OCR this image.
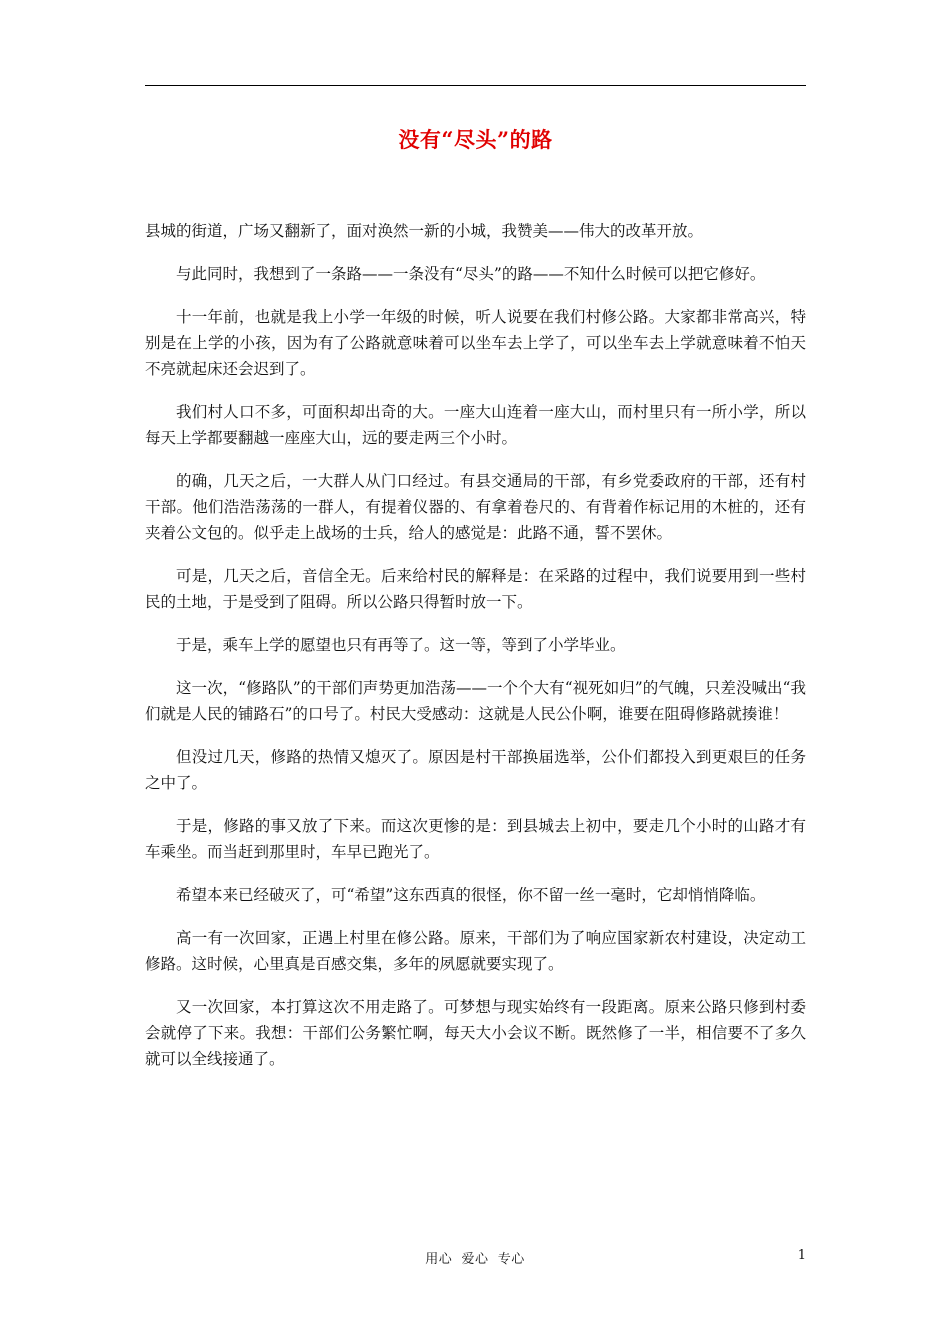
没有“尽头”的路

县城的街道，广场又翻新了，面对涣然一新的小城，我赞美——伟大的改革开放。

与此同时，我想到了一条路——一条没有“尽头”的路——不知什么时候可以把它修好。

十一年前，也就是我上小学一年级的时候，听人说要在我们村修公路。大家都非常高兴，特别是在上学的小孩，因为有了公路就意味着可以坐车去上学了，可以坐车去上学就意味着不怕天不亮就起床还会迟到了。

我们村人口不多，可面积却出奇的大。一座大山连着一座大山，而村里只有一所小学，所以每天上学都要翻越一座座大山，远的要走两三个小时。

的确，几天之后，一大群人从门口经过。有县交通局的干部，有乡党委政府的干部，还有村干部。他们浩浩荡荡的一群人，有提着仪器的、有拿着卷尺的、有背着作标记用的木桩的，还有夹着公文包的。似乎走上战场的士兵，给人的感觉是：此路不通，誓不罢休。

可是，几天之后，音信全无。后来给村民的解释是：在采路的过程中，我们说要用到一些村民的土地，于是受到了阻碍。所以公路只得暂时放一下。

于是，乘车上学的愿望也只有再等了。这一等，等到了小学毕业。

这一次，“修路队”的干部们声势更加浩荡——一个个大有“视死如归”的气魄，只差没喊出“我们就是人民的铺路石”的口号了。村民大受感动：这就是人民公仆啊，谁要在阻碍修路就揍谁！

但没过几天，修路的热情又熄灭了。原因是村干部换届选举，公仆们都投入到更艰巨的任务之中了。

于是，修路的事又放了下来。而这次更惨的是：到县城去上初中，要走几个小时的山路才有车乘坐。而当赶到那里时，车早已跑光了。

希望本来已经破灭了，可“希望”这东西真的很怪，你不留一丝一毫时，它却悄悄降临。

高一有一次回家，正遇上村里在修公路。原来，干部们为了响应国家新农村建设，决定动工修路。这时候，心里真是百感交集，多年的夙愿就要实现了。

又一次回家，本打算这次不用走路了。可梦想与现实始终有一段距离。原来公路只修到村委会就停了下来。我想：干部们公务繁忙啊，每天大小会议不断。既然修了一半，相信要不了多久就可以全线接通了。

用心  爱心  专心	1
